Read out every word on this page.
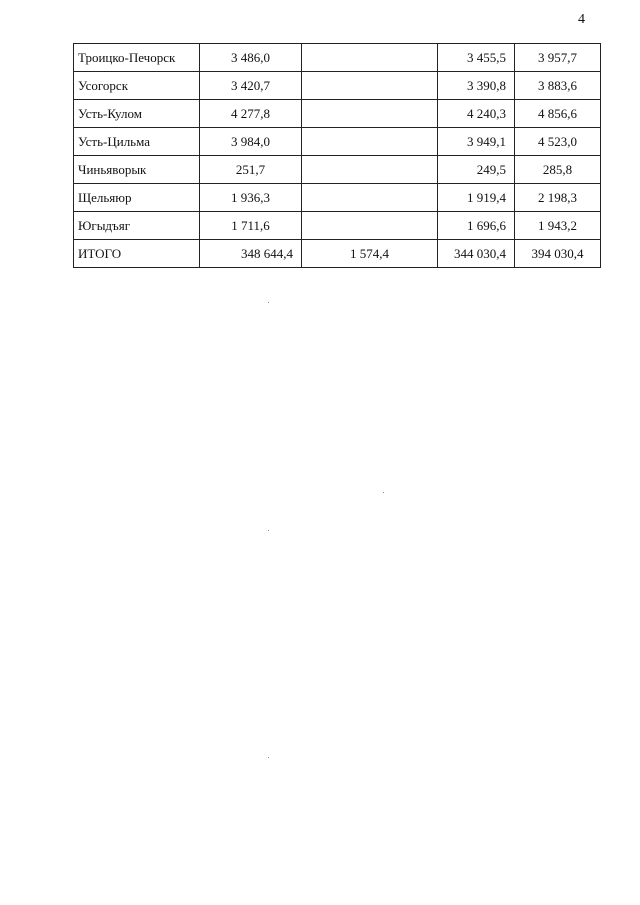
4
Троицко-Печорск	3 486,0		3 455,5	3 957,7
Усогорск	3 420,7		3 390,8	3 883,6
Усть-Кулом	4 277,8		4 240,3	4 856,6
Усть-Цильма	3 984,0		3 949,1	4 523,0
Чиньяворык	251,7		249,5	285,8
Щельяюр	1 936,3		1 919,4	2 198,3
Югыдъяг	1 711,6		1 696,6	1 943,2
ИТОГО	348 644,4	1 574,4	344 030,4	394 030,4
